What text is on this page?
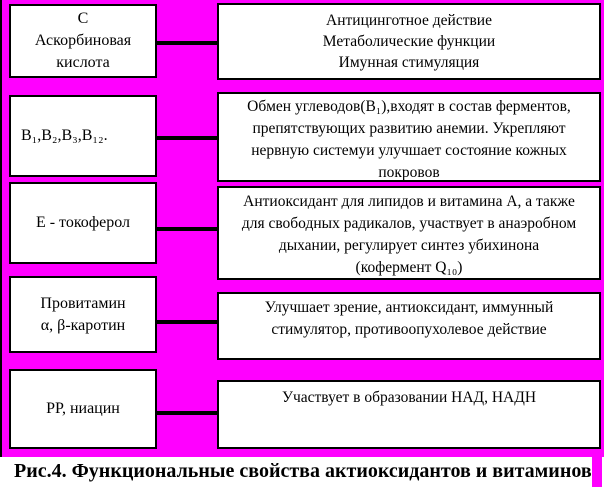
С
Аскорбиновая
кислота
Антицинготное действие
Метаболические функции
Имунная стимуляция
В₁,В₂,В₃,В₁₂.
Обмен углеводов(В₁),входят в состав ферментов,
препятствующих развитию анемии. Укрепляют
нервную системуи улучшает состояние кожных
покровов
Е - токоферол
Антиоксидант для липидов и витамина А, а также
для свободных радикалов, участвует в анаэробном
дыхании, регулирует синтез убихинона
(кофермент Q₁₀)
Провитамин
α, β-каротин
Улучшает зрение, антиоксидант, иммунный
стимулятор, противоопухолевое действие
РР, ниацин
Участвует в образовании НАД, НАДН
Рис.4. Функциональные свойства актиоксидантов и витаминов
